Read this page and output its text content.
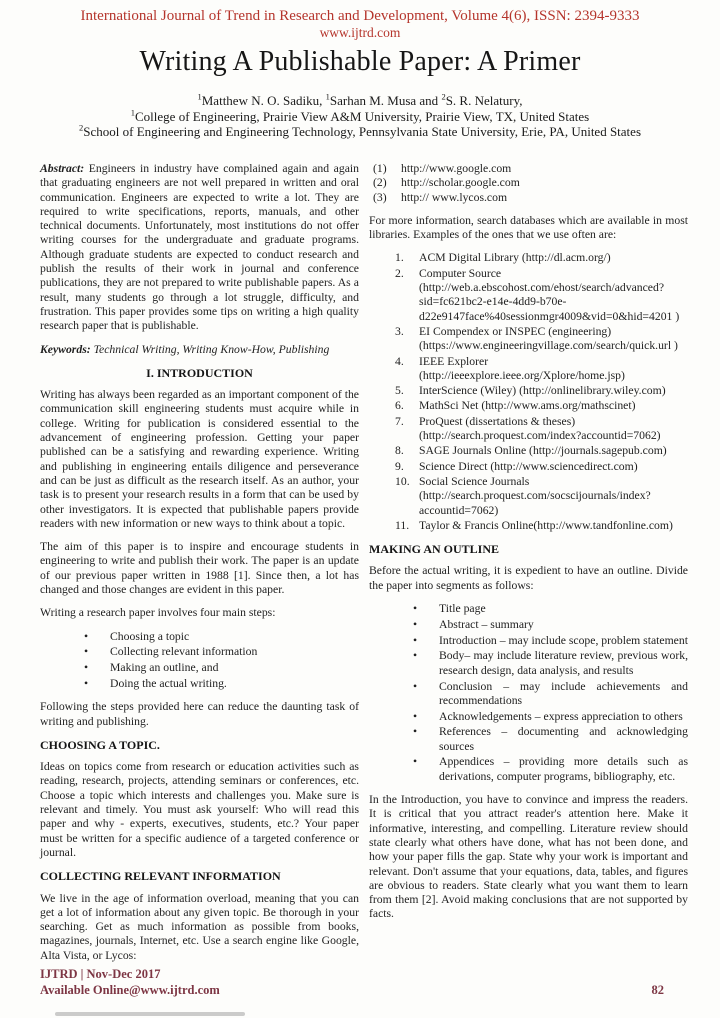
International Journal of Trend in Research and Development, Volume 4(6), ISSN: 2394-9333
www.ijtrd.com
Writing A Publishable Paper: A Primer
$^1$Matthew N. O. Sadiku, $^1$Sarhan M. Musa and $^2$S. R. Nelatury,
$^1$College of Engineering, Prairie View A&M University, Prairie View, TX, United States
$^2$School of Engineering and Engineering Technology, Pennsylvania State University, Erie, PA, United States

Abstract: Engineers in industry have complained again and again that graduating engineers are not well prepared in written and oral communication. Engineers are expected to write a lot. They are required to write specifications, reports, manuals, and other technical documents. Unfortunately, most institutions do not offer writing courses for the undergraduate and graduate programs. Although graduate students are expected to conduct research and publish the results of their work in journal and conference publications, they are not prepared to write publishable papers. As a result, many students go through a lot struggle, difficulty, and frustration. This paper provides some tips on writing a high quality research paper that is publishable.

Keywords: Technical Writing, Writing Know-How, Publishing

I. INTRODUCTION

Writing has always been regarded as an important component of the communication skill engineering students must acquire while in college. Writing for publication is considered essential to the advancement of engineering profession. Getting your paper published can be a satisfying and rewarding experience. Writing and publishing in engineering entails diligence and perseverance and can be just as difficult as the research itself. As an author, your task is to present your research results in a form that can be used by other investigators. It is expected that publishable papers provide readers with new information or new ways to think about a topic.

The aim of this paper is to inspire and encourage students in engineering to write and publish their work. The paper is an update of our previous paper written in 1988 [1]. Since then, a lot has changed and those changes are evident in this paper.

Writing a research paper involves four main steps:

•	Choosing a topic
•	Collecting relevant information
•	Making an outline, and
•	Doing the actual writing.

Following the steps provided here can reduce the daunting task of writing and publishing.

CHOOSING A TOPIC.

Ideas on topics come from research or education activities such as reading, research, projects, attending seminars or conferences, etc. Choose a topic which interests and challenges you. Make sure is relevant and timely. You must ask yourself: Who will read this paper and why - experts, executives, students, etc.? Your paper must be written for a specific audience of a targeted conference or journal.

COLLECTING RELEVANT INFORMATION

We live in the age of information overload, meaning that you can get a lot of information about any given topic. Be thorough in your searching. Get as much information as possible from books, magazines, journals, Internet, etc. Use a search engine like Google, Alta Vista, or Lycos:

(1)	http://www.google.com
(2)	http://scholar.google.com
(3)	http:// www.lycos.com

For more information, search databases which are available in most libraries. Examples of the ones that we use often are:

1.	ACM Digital Library (http://dl.acm.org/)
2.	Computer Source (http://web.a.ebscohost.com/ehost/search/advanced?sid=fc621bc2-e14e-4dd9-b70e-d22e9147face%40sessionmgr4009&vid=0&hid=4201 )
3.	EI Compendex or INSPEC (engineering) (https://www.engineeringvillage.com/search/quick.url )
4.	IEEE Explorer (http://ieeexplore.ieee.org/Xplore/home.jsp)
5.	InterScience (Wiley) (http://onlinelibrary.wiley.com)
6.	MathSci Net (http://www.ams.org/mathscinet)
7.	ProQuest (dissertations & theses) (http://search.proquest.com/index?accountid=7062)
8.	SAGE Journals Online (http://journals.sagepub.com)
9.	Science Direct (http://www.sciencedirect.com)
10. Social Science Journals (http://search.proquest.com/socscijournals/index?accountid=7062)
11. Taylor & Francis Online(http://www.tandfonline.com)
MAKING AN OUTLINE

Before the actual writing, it is expedient to have an outline. Divide the paper into segments as follows:

•	Title page
•	Abstract – summary
•	Introduction – may include scope, problem statement
•	Body– may include literature review, previous work, research design, data analysis, and results
•	Conclusion – may include achievements and recommendations
•	Acknowledgements – express appreciation to others
•	References – documenting and acknowledging sources
•	Appendices – providing more details such as derivations, computer programs, bibliography, etc.

In the Introduction, you have to convince and impress the readers. It is critical that you attract reader's attention here. Make it informative, interesting, and compelling. Literature review should state clearly what others have done, what has not been done, and how your paper fills the gap. State why your work is important and relevant. Don't assume that your equations, data, tables, and figures are obvious to readers. State clearly what you want them to learn from them [2]. Avoid making conclusions that are not supported by facts.

IJTRD | Nov-Dec 2017
Available Online@www.ijtrd.com	82
